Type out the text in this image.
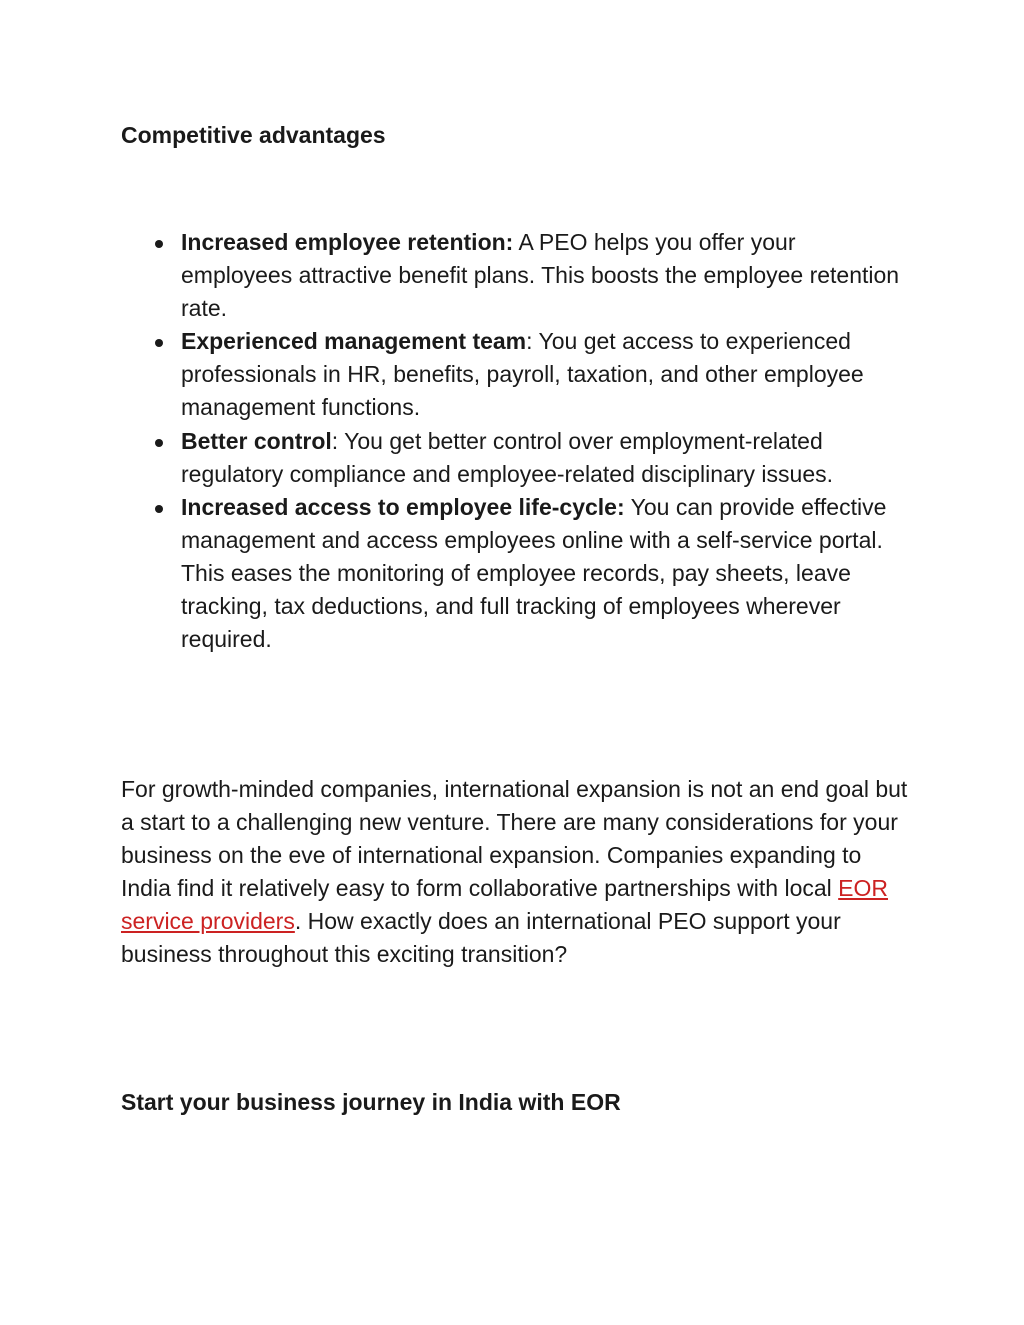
Competitive advantages
Increased employee retention: A PEO helps you offer your employees attractive benefit plans. This boosts the employee retention rate.
Experienced management team: You get access to experienced professionals in HR, benefits, payroll, taxation, and other employee management functions.
Better control: You get better control over employment-related regulatory compliance and employee-related disciplinary issues.
Increased access to employee life-cycle: You can provide effective management and access employees online with a self-service portal. This eases the monitoring of employee records, pay sheets, leave tracking, tax deductions, and full tracking of employees wherever required.

For growth-minded companies, international expansion is not an end goal but a start to a challenging new venture. There are many considerations for your business on the eve of international expansion. Companies expanding to India find it relatively easy to form collaborative partnerships with local EOR service providers. How exactly does an international PEO support your business throughout this exciting transition?

Start your business journey in India with EOR
